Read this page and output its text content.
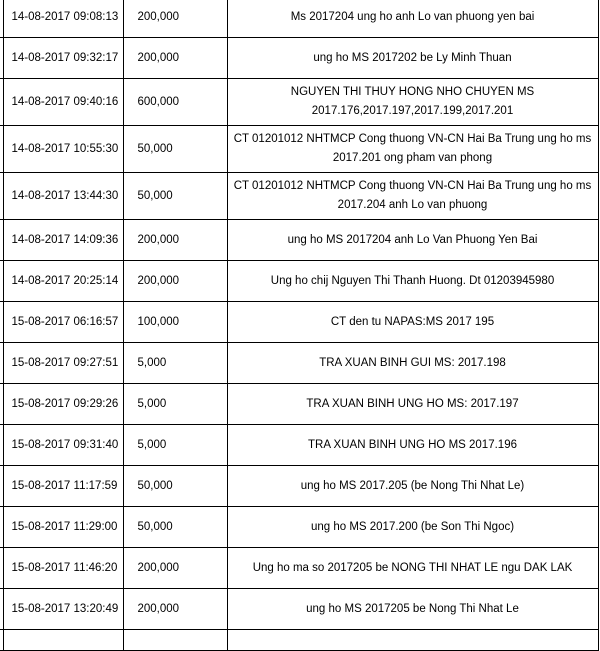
	14-08-2017 09:08:13	200,000	Ms 2017204 ung ho anh Lo van phuong yen bai
	14-08-2017 09:32:17	200,000	ung ho MS 2017202 be Ly Minh Thuan
	14-08-2017 09:40:16	600,000	NGUYEN THI THUY HONG NHO CHUYEN MS 2017.176,2017.197,2017.199,2017.201
	14-08-2017 10:55:30	50,000	CT 01201012 NHTMCP Cong thuong VN-CN Hai Ba Trung ung ho ms 2017.201 ong pham van phong
	14-08-2017 13:44:30	50,000	CT 01201012 NHTMCP Cong thuong VN-CN Hai Ba Trung ung ho ms 2017.204 anh Lo van phuong
	14-08-2017 14:09:36	200,000	ung ho MS 2017204 anh Lo Van Phuong Yen Bai
	14-08-2017 20:25:14	200,000	Ung ho chij Nguyen Thi Thanh Huong. Dt 01203945980
	15-08-2017 06:16:57	100,000	CT den tu NAPAS:MS 2017 195
	15-08-2017 09:27:51	5,000	TRA XUAN BINH GUI MS: 2017.198
	15-08-2017 09:29:26	5,000	TRA XUAN BINH UNG HO MS: 2017.197
	15-08-2017 09:31:40	5,000	TRA XUAN BINH UNG HO MS 2017.196
	15-08-2017 11:17:59	50,000	ung ho MS 2017.205 (be Nong Thi Nhat Le)
	15-08-2017 11:29:00	50,000	ung ho MS 2017.200 (be Son Thi Ngoc)
	15-08-2017 11:46:20	200,000	Ung ho ma so 2017205 be NONG THI NHAT LE ngu DAK LAK
	15-08-2017 13:20:49	200,000	ung ho MS 2017205 be Nong Thi Nhat Le
